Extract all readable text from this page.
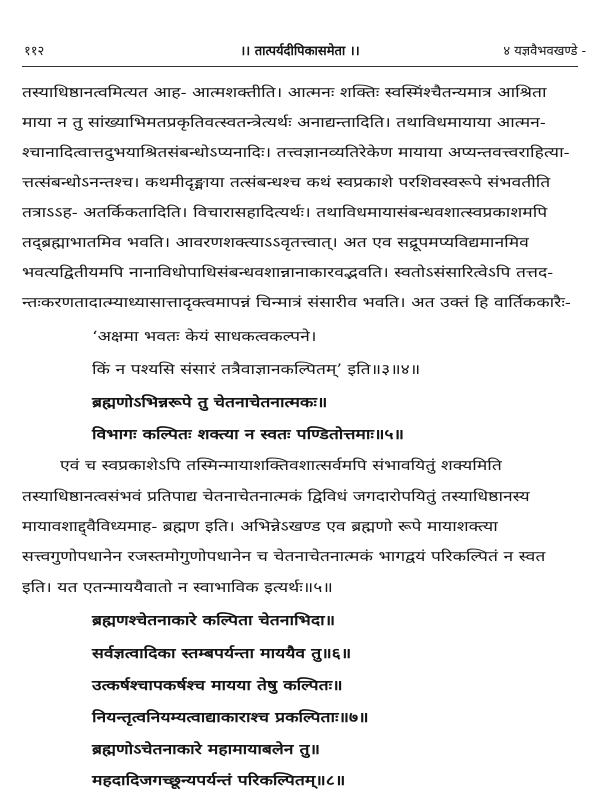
११२	।। तात्पर्यदीपिकासमेता ।।	४ यज्ञवैभवखण्डे -
तस्याधिष्ठानत्वमित्यत आह- आत्मशक्तीति। आत्मनः शक्तिः स्वस्मिंश्चैतन्यमात्र आश्रिता
माया न तु सांख्याभिमतप्रकृतिवत्स्वतन्त्रेत्यर्थः अनाद्यन्तादिति। तथाविधमायाया आत्मन-
श्चानादित्वात्तदुभयाश्रितसंबन्धोऽप्यनादिः। तत्त्वज्ञानव्यतिरेकेण मायाया अप्यन्तवत्त्वराहित्या-
त्तत्संबन्धोऽनन्तश्च। कथमीदृङ्माया तत्संबन्धश्च कथं स्वप्रकाशे परशिवस्वरूपे संभवतीति
तत्राऽऽह- अतर्किकतादिति। विचारासहादित्यर्थः। तथाविधमायासंबन्धवशात्स्वप्रकाशमपि
तद्ब्रह्माभातमिव भवति। आवरणशक्त्याऽऽवृतत्त्वात्। अत एव सद्रूपमप्यविद्यमानमिव
भवत्यद्वितीयमपि नानाविधोपाधिसंबन्धवशान्नानाकारवद्भवति। स्वतोऽसंसारित्वेऽपि तत्तद-
न्तःकरणतादात्म्याध्यासात्तादृक्त्वमापन्नं चिन्मात्रं संसारीव भवति। अत उक्तं हि वार्तिककारैः-
‘अक्षमा भवतः केयं साधकत्वकल्पने।
किं न पश्यसि संसारं तत्रैवाज्ञानकल्पितम्’ इति॥३॥४॥
ब्रह्मणोऽभिन्नरूपे तु चेतनाचेतनात्मकः॥
विभागः कल्पितः शक्त्या न स्वतः पण्डितोत्तमाः॥५॥
एवं च स्वप्रकाशेऽपि तस्मिन्मायाशक्तिवशात्सर्वमपि संभावयितुं शक्यमिति
तस्याधिष्ठानत्वसंभवं प्रतिपाद्य चेतनाचेतनात्मकं द्विविधं जगदारोपयितुं तस्याधिष्ठानस्य
मायावशाद्द्वैविध्यमाह- ब्रह्मण इति। अभिन्नेऽखण्ड एव ब्रह्मणो रूपे मायाशक्त्या
सत्त्वगुणोपधानेन रजस्तमोगुणोपधानेन च चेतनाचेतनात्मकं भागद्वयं परिकल्पितं न स्वत
इति। यत एतन्माययैवातो न स्वाभाविक इत्यर्थः॥५॥
ब्रह्मणश्चेतनाकारे कल्पिता चेतनाभिदा॥
सर्वज्ञत्वादिका स्तम्बपर्यन्ता माययैव तु॥६॥
उत्कर्षश्चापकर्षश्च मायया तेषु कल्पितः॥
नियन्तृत्वनियम्यत्वाद्याकाराश्च प्रकल्पिताः॥७॥
ब्रह्मणोऽचेतनाकारे महामायाबलेन तु॥
महदादिजगच्छून्यपर्यन्तं परिकल्पितम्॥८॥
